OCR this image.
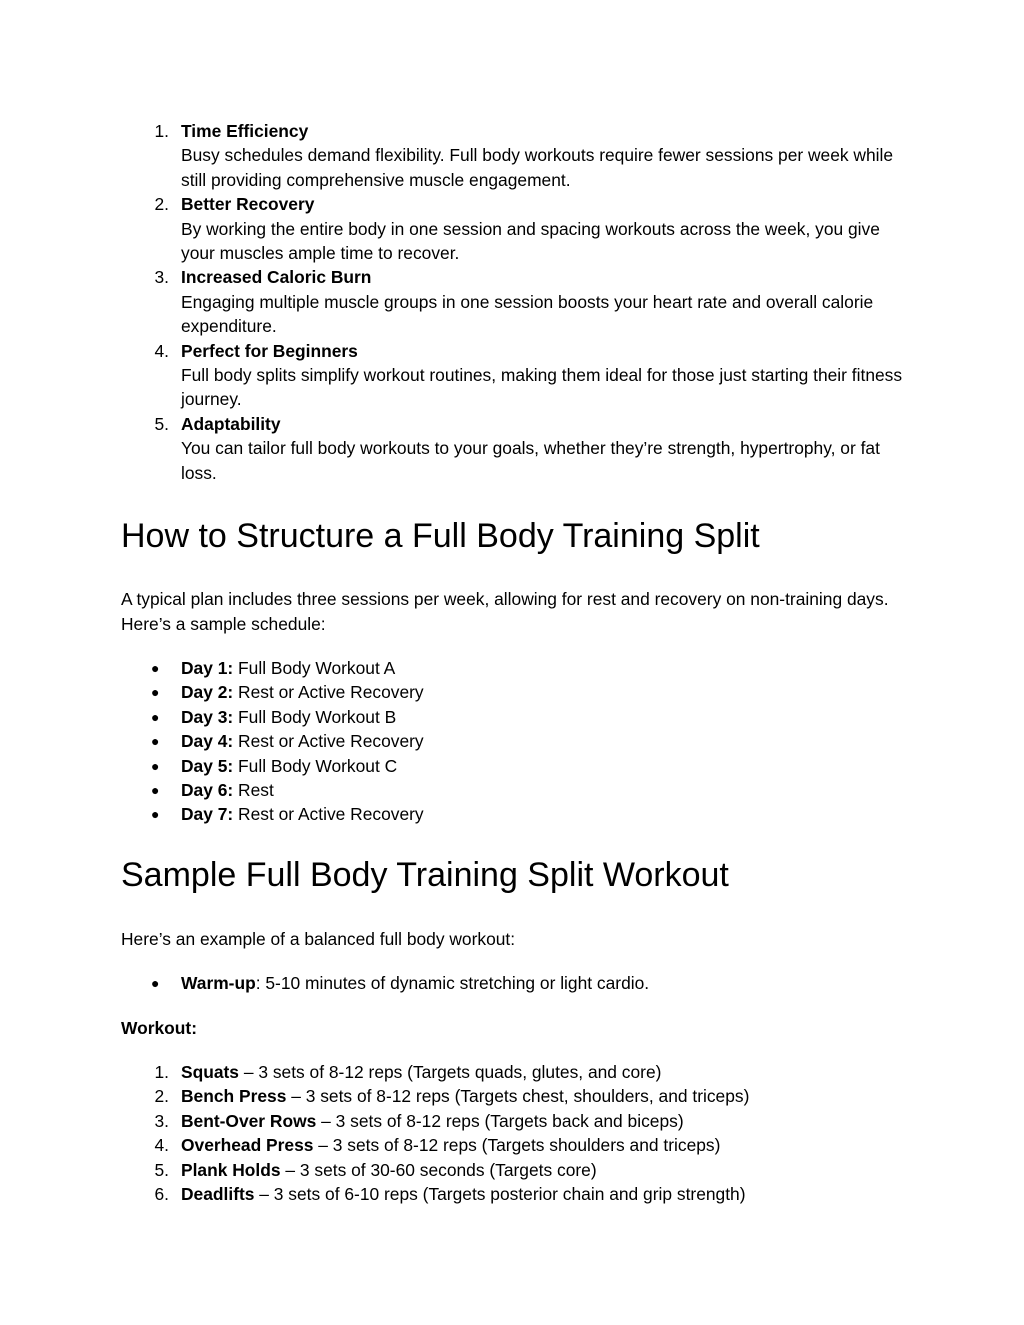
1. Time Efficiency
Busy schedules demand flexibility. Full body workouts require fewer sessions per week while still providing comprehensive muscle engagement.
2. Better Recovery
By working the entire body in one session and spacing workouts across the week, you give your muscles ample time to recover.
3. Increased Caloric Burn
Engaging multiple muscle groups in one session boosts your heart rate and overall calorie expenditure.
4. Perfect for Beginners
Full body splits simplify workout routines, making them ideal for those just starting their fitness journey.
5. Adaptability
You can tailor full body workouts to your goals, whether they’re strength, hypertrophy, or fat loss.
How to Structure a Full Body Training Split

A typical plan includes three sessions per week, allowing for rest and recovery on non-training days. Here’s a sample schedule:

●	Day 1: Full Body Workout A
●	Day 2: Rest or Active Recovery
●	Day 3: Full Body Workout B
●	Day 4: Rest or Active Recovery
●	Day 5: Full Body Workout C
●	Day 6: Rest
●	Day 7: Rest or Active Recovery
Sample Full Body Training Split Workout

Here’s an example of a balanced full body workout:

●	Warm-up: 5-10 minutes of dynamic stretching or light cardio.

Workout:

1. Squats – 3 sets of 8-12 reps (Targets quads, glutes, and core)
2. Bench Press – 3 sets of 8-12 reps (Targets chest, shoulders, and triceps)
3. Bent-Over Rows – 3 sets of 8-12 reps (Targets back and biceps)
4. Overhead Press – 3 sets of 8-12 reps (Targets shoulders and triceps)
5. Plank Holds – 3 sets of 30-60 seconds (Targets core)
6. Deadlifts – 3 sets of 6-10 reps (Targets posterior chain and grip strength)
